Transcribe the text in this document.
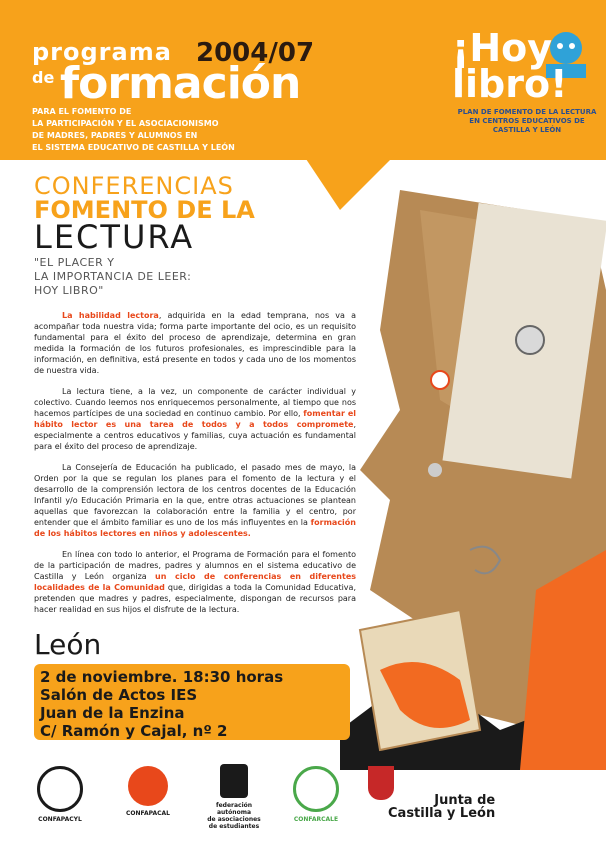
programa 2004/07
de formación
PARA EL FOMENTO DE
LA PARTICIPACIÓN Y EL ASOCIACIONISMO
DE MADRES, PADRES Y ALUMNOS EN
EL SISTEMA EDUCATIVO DE CASTILLA Y LEÓN
¡Hoy
libro!
PLAN DE FOMENTO DE LA LECTURA
EN CENTROS EDUCATIVOS DE CASTILLA Y LEÓN
CONFERENCIAS
FOMENTO DE LA
LECTURA
"EL PLACER Y
LA IMPORTANCIA DE LEER:
HOY LIBRO"

La habilidad lectora, adquirida en la edad temprana, nos va a acompañar toda nuestra vida; forma parte importante del ocio, es un requisito fundamental para el éxito del proceso de aprendizaje, determina en gran medida la formación de los futuros profesionales, es imprescindible para la información, en definitiva, está presente en todos y cada uno de los momentos de nuestra vida.

La lectura tiene, a la vez, un componente de carácter individual y colectivo. Cuando leemos nos enriquecemos personalmente, al tiempo que nos hacemos partícipes de una sociedad en continuo cambio. Por ello, fomentar el hábito lector es una tarea de todos y a todos compromete, especialmente a centros educativos y familias, cuya actuación es fundamental para el éxito del proceso de aprendizaje.

La Consejería de Educación ha publicado, el pasado mes de mayo, la Orden por la que se regulan los planes para el fomento de la lectura y el desarrollo de la comprensión lectora de los centros docentes de la Educación Infantil y/o Educación Primaria en la que, entre otras actuaciones se plantean aquellas que favorezcan la colaboración entre la familia y el centro, por entender que el ámbito familiar es uno de los más influyentes en la formación de los hábitos lectores en niños y adolescentes.

En línea con todo lo anterior, el Programa de Formación para el fomento de la participación de madres, padres y alumnos en el sistema educativo de Castilla y León organiza un ciclo de conferencias en diferentes localidades de la Comunidad que, dirigidas a toda la Comunidad Educativa, pretenden que madres y padres, especialmente, dispongan de recursos para hacer realidad en sus hijos el disfrute de la lectura.

León
2 de noviembre. 18:30 horas
Salón de Actos IES
Juan de la Enzina
C/ Ramón y Cajal, nº 2
CONFAPACYL
CONFAPACAL
federación
autónoma
de asociaciones
de estudiantes
CONFARCALE
Junta de
Castilla y León
